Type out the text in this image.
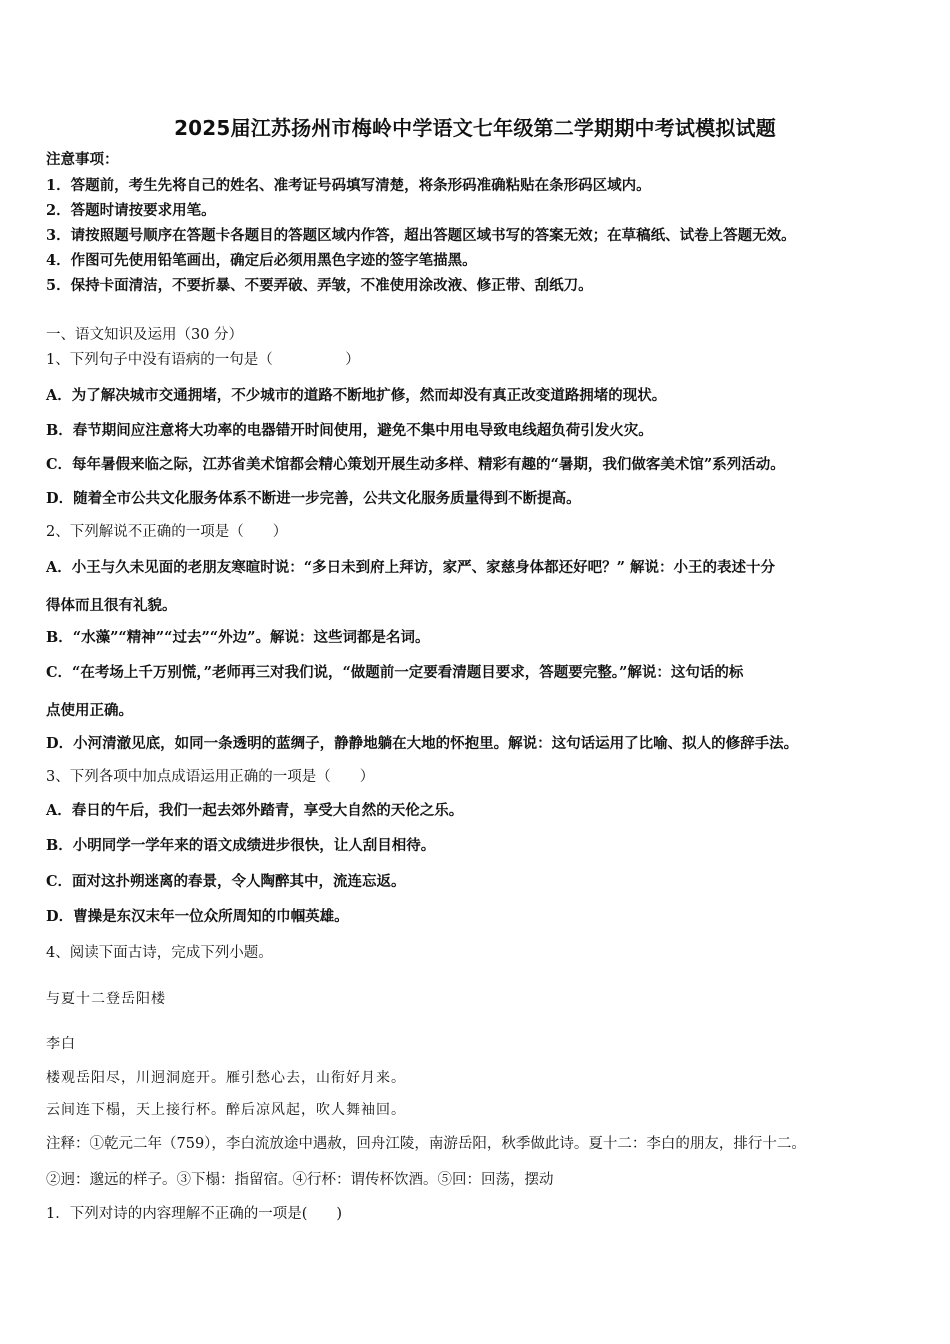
2025届江苏扬州市梅岭中学语文七年级第二学期期中考试模拟试题
注意事项：
1．答题前，考生先将自己的姓名、准考证号码填写清楚，将条形码准确粘贴在条形码区域内。
2．答题时请按要求用笔。
3．请按照题号顺序在答题卡各题目的答题区域内作答，超出答题区域书写的答案无效；在草稿纸、试卷上答题无效。
4．作图可先使用铅笔画出，确定后必须用黑色字迹的签字笔描黑。
5．保持卡面清洁，不要折暴、不要弄破、弄皱，不准使用涂改液、修正带、刮纸刀。
一、语文知识及运用（30 分）
1、下列句子中没有语病的一句是（　　　　　）
A．为了解决城市交通拥堵，不少城市的道路不断地扩修，然而却没有真正改变道路拥堵的现状。
B．春节期间应注意将大功率的电器错开时间使用，避免不集中用电导致电线超负荷引发火灾。
C．每年暑假来临之际，江苏省美术馆都会精心策划开展生动多样、精彩有趣的“暑期，我们做客美术馆”系列活动。
D．随着全市公共文化服务体系不断进一步完善，公共文化服务质量得到不断提高。
2、下列解说不正确的一项是（　　）
A．小王与久未见面的老朋友寒暄时说：“多日未到府上拜访，家严、家慈身体都还好吧？” 解说：小王的表述十分
得体而且很有礼貌。
B．“水藻”“精神”“过去”“外边”。解说：这些词都是名词。
C．“在考场上千万别慌，”老师再三对我们说，“做题前一定要看清题目要求，答题要完整。”解说：这句话的标
点使用正确。
D．小河清澈见底，如同一条透明的蓝绸子，静静地躺在大地的怀抱里。解说：这句话运用了比喻、拟人的修辞手法。
3、下列各项中加点成语运用正确的一项是（　　）
A．春日的午后，我们一起去郊外踏青，享受大自然的天伦之乐。
B．小明同学一学年来的语文成绩进步很快，让人刮目相待。
C．面对这扑朔迷离的春景，令人陶醉其中，流连忘返。
D．曹操是东汉末年一位众所周知的巾帼英雄。
4、阅读下面古诗，完成下列小题。
与夏十二登岳阳楼
李白
楼观岳阳尽，川迥洞庭开。雁引愁心去，山衔好月来。
云间连下榻，天上接行杯。醉后凉风起，吹人舞袖回。
注释：①乾元二年（759），李白流放途中遇赦，回舟江陵，南游岳阳，秋季做此诗。夏十二：李白的朋友，排行十二。
②迥：邈远的样子。③下榻：指留宿。④行杯：谓传杯饮酒。⑤回：回荡，摆动
1．下列对诗的内容理解不正确的一项是(　　)
